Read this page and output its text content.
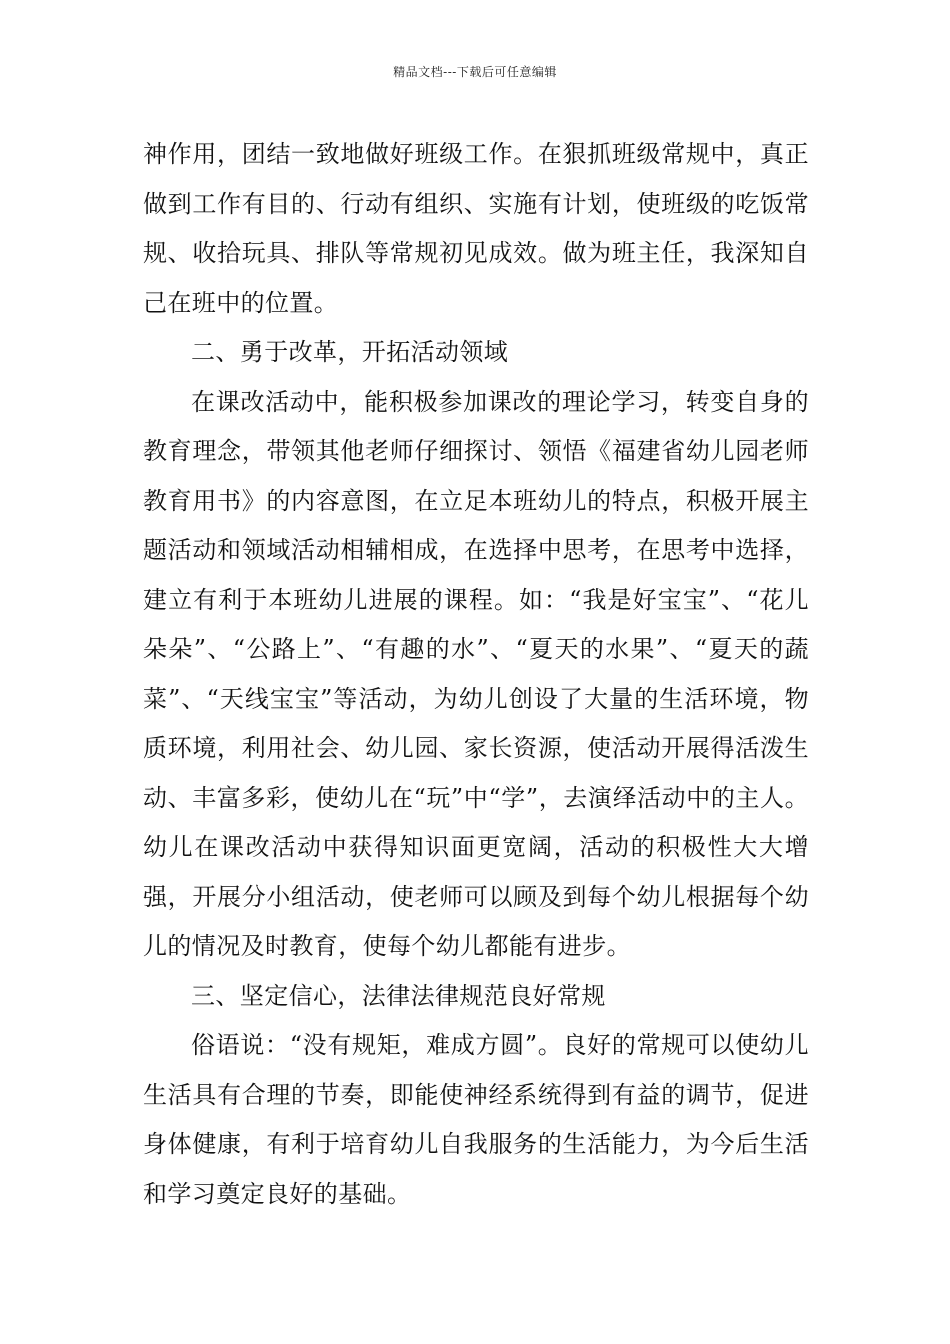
精品文档---下载后可任意编辑

神作用，团结一致地做好班级工作。在狠抓班级常规中，真正做到工作有目的、行动有组织、实施有计划，使班级的吃饭常规、收拾玩具、排队等常规初见成效。做为班主任，我深知自己在班中的位置。

二、勇于改革，开拓活动领域

在课改活动中，能积极参加课改的理论学习，转变自身的教育理念，带领其他老师仔细探讨、领悟《福建省幼儿园老师教育用书》的内容意图，在立足本班幼儿的特点，积极开展主题活动和领域活动相辅相成，在选择中思考，在思考中选择，建立有利于本班幼儿进展的课程。如：“我是好宝宝”、“花儿朵朵”、“公路上”、“有趣的水”、“夏天的水果”、“夏天的蔬菜”、“天线宝宝”等活动，为幼儿创设了大量的生活环境，物质环境，利用社会、幼儿园、家长资源，使活动开展得活泼生动、丰富多彩，使幼儿在“玩”中“学”，去演绎活动中的主人。幼儿在课改活动中获得知识面更宽阔，活动的积极性大大增强，开展分小组活动，使老师可以顾及到每个幼儿根据每个幼儿的情况及时教育，使每个幼儿都能有进步。

三、坚定信心，法律法律规范良好常规

俗语说：“没有规矩，难成方圆”。良好的常规可以使幼儿生活具有合理的节奏，即能使神经系统得到有益的调节，促进身体健康，有利于培育幼儿自我服务的生活能力，为今后生活和学习奠定良好的基础。
